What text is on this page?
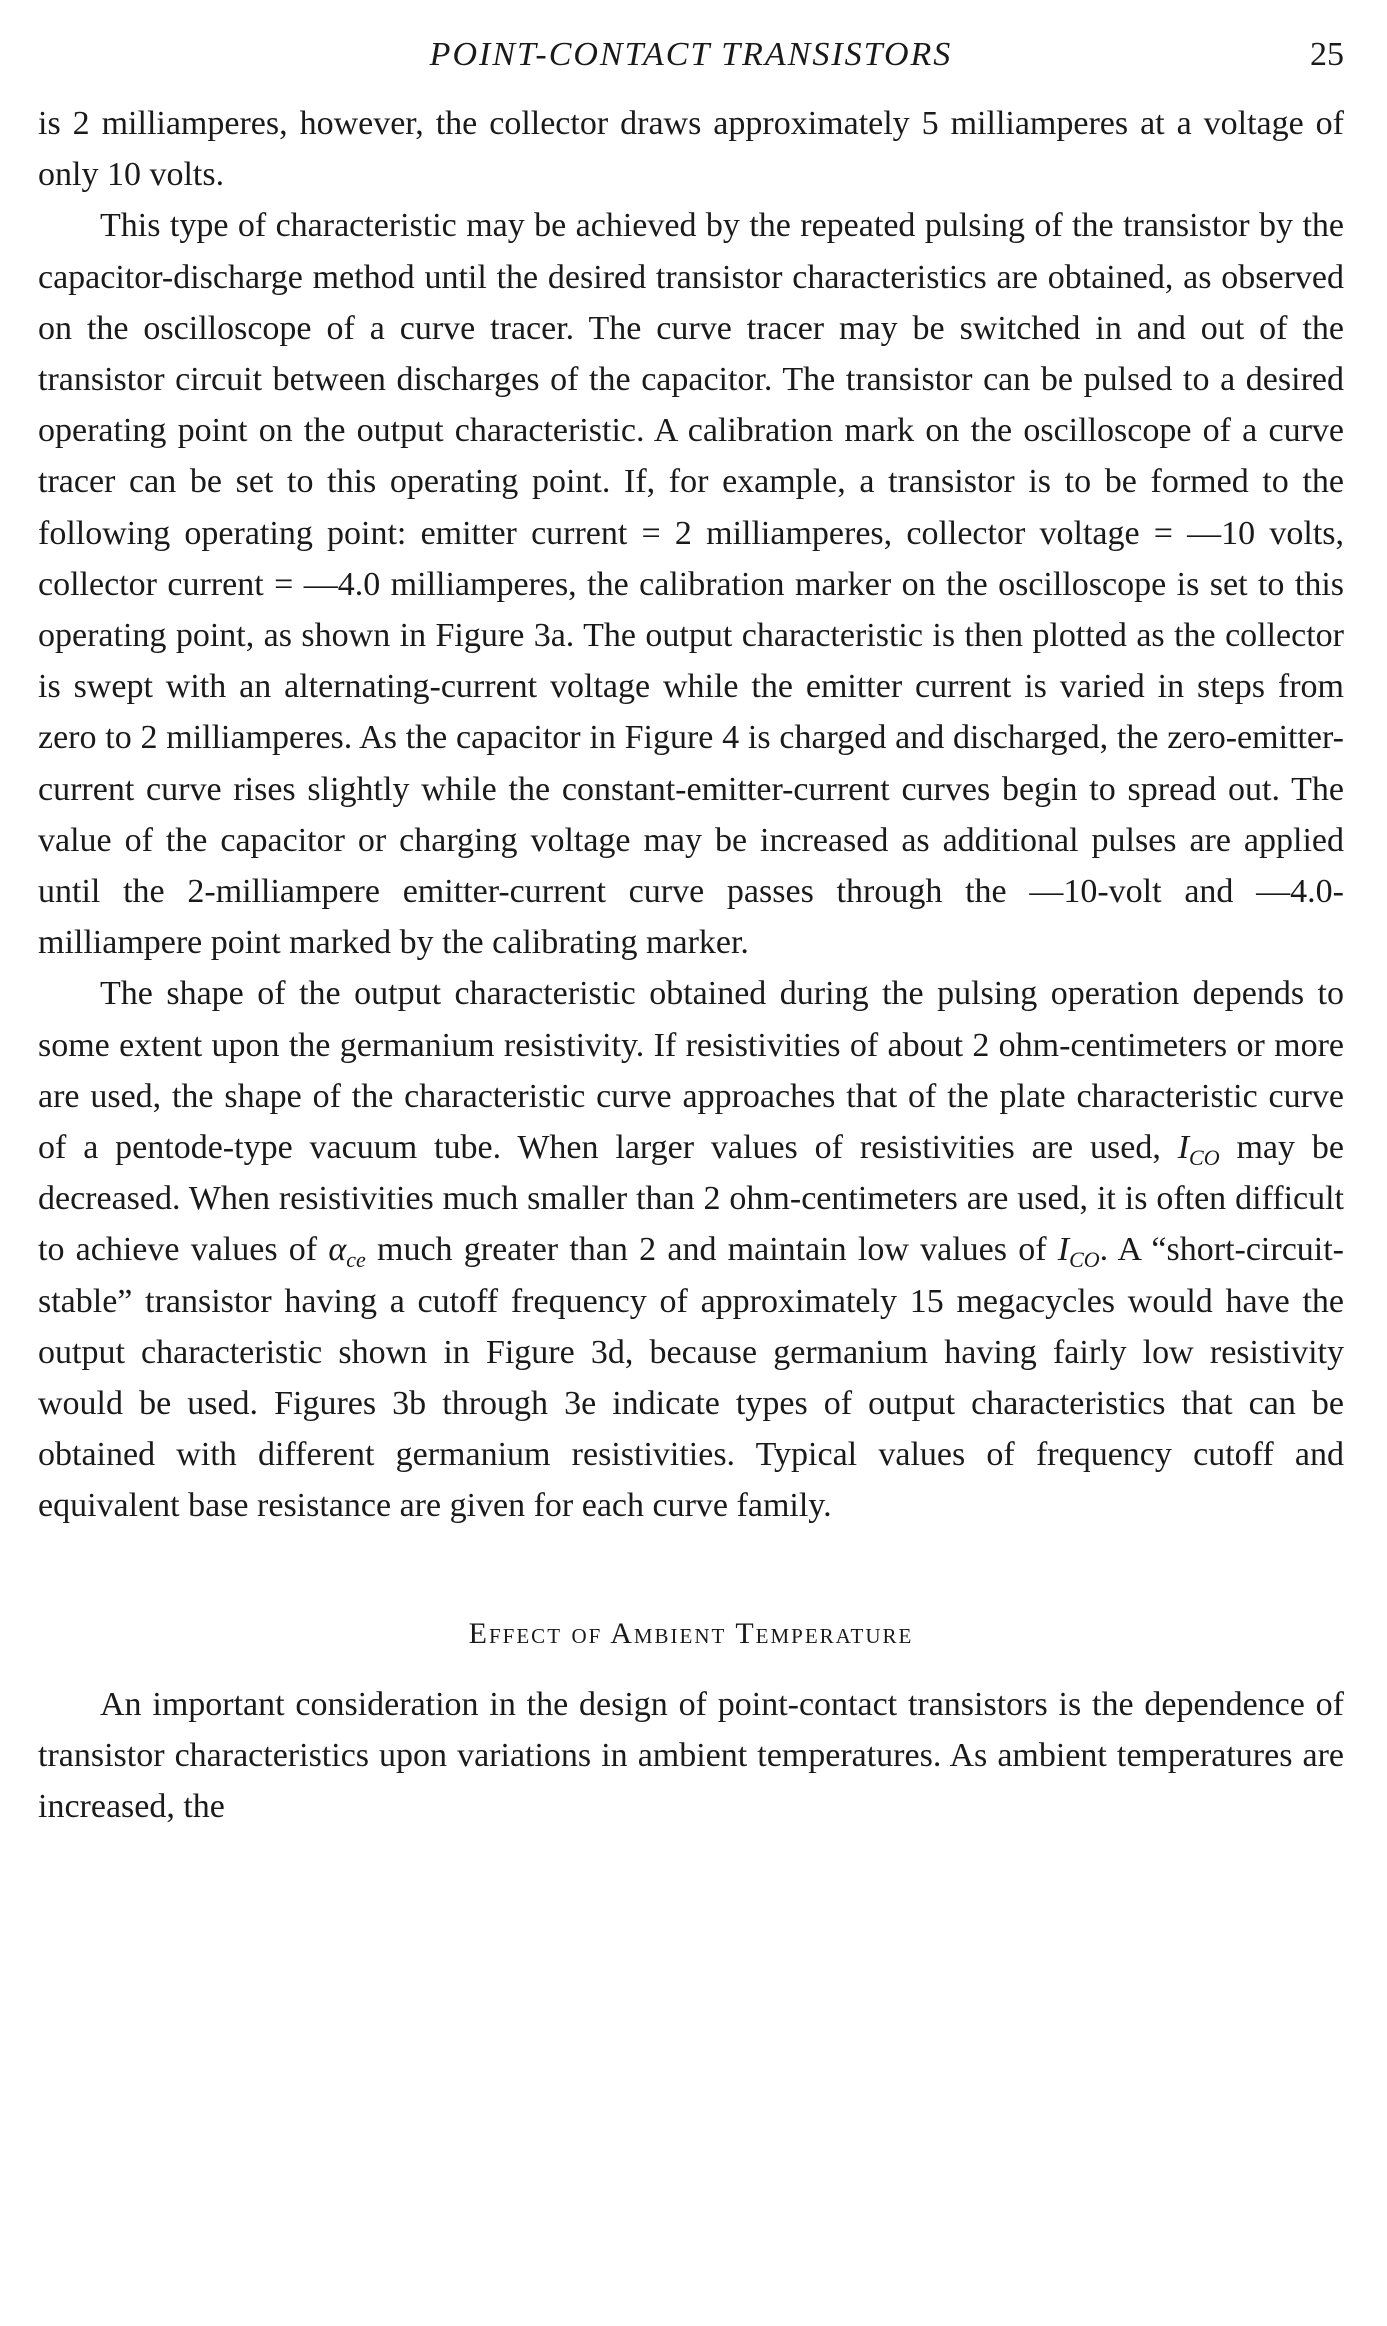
POINT-CONTACT TRANSISTORS	25

is 2 milliamperes, however, the collector draws approximately 5 milliamperes at a voltage of only 10 volts.

This type of characteristic may be achieved by the repeated pulsing of the transistor by the capacitor-discharge method until the desired transistor characteristics are obtained, as observed on the oscilloscope of a curve tracer. The curve tracer may be switched in and out of the transistor circuit between discharges of the capacitor. The transistor can be pulsed to a desired operating point on the output characteristic. A calibration mark on the oscilloscope of a curve tracer can be set to this operating point. If, for example, a transistor is to be formed to the following operating point: emitter current = 2 milliamperes, collector voltage = —10 volts, collector current = —4.0 milliamperes, the calibration marker on the oscilloscope is set to this operating point, as shown in Figure 3a. The output characteristic is then plotted as the collector is swept with an alternating-current voltage while the emitter current is varied in steps from zero to 2 milliamperes. As the capacitor in Figure 4 is charged and discharged, the zero-emitter-current curve rises slightly while the constant-emitter-current curves begin to spread out. The value of the capacitor or charging voltage may be increased as additional pulses are applied until the 2-milliampere emitter-current curve passes through the —10-volt and —4.0-milliampere point marked by the calibrating marker.

The shape of the output characteristic obtained during the pulsing operation depends to some extent upon the germanium resistivity. If resistivities of about 2 ohm-centimeters or more are used, the shape of the characteristic curve approaches that of the plate characteristic curve of a pentode-type vacuum tube. When larger values of resistivities are used, $I_{CO}$ may be decreased. When resistivities much smaller than 2 ohm-centimeters are used, it is often difficult to achieve values of $\alpha_{ce}$ much greater than 2 and maintain low values of $I_{CO}$. A “short-circuit-stable” transistor having a cutoff frequency of approximately 15 megacycles would have the output characteristic shown in Figure 3d, because germanium having fairly low resistivity would be used. Figures 3b through 3e indicate types of output characteristics that can be obtained with different germanium resistivities. Typical values of frequency cutoff and equivalent base resistance are given for each curve family.

Effect of Ambient Temperature

An important consideration in the design of point-contact transistors is the dependence of transistor characteristics upon variations in ambient temperatures. As ambient temperatures are increased, the
